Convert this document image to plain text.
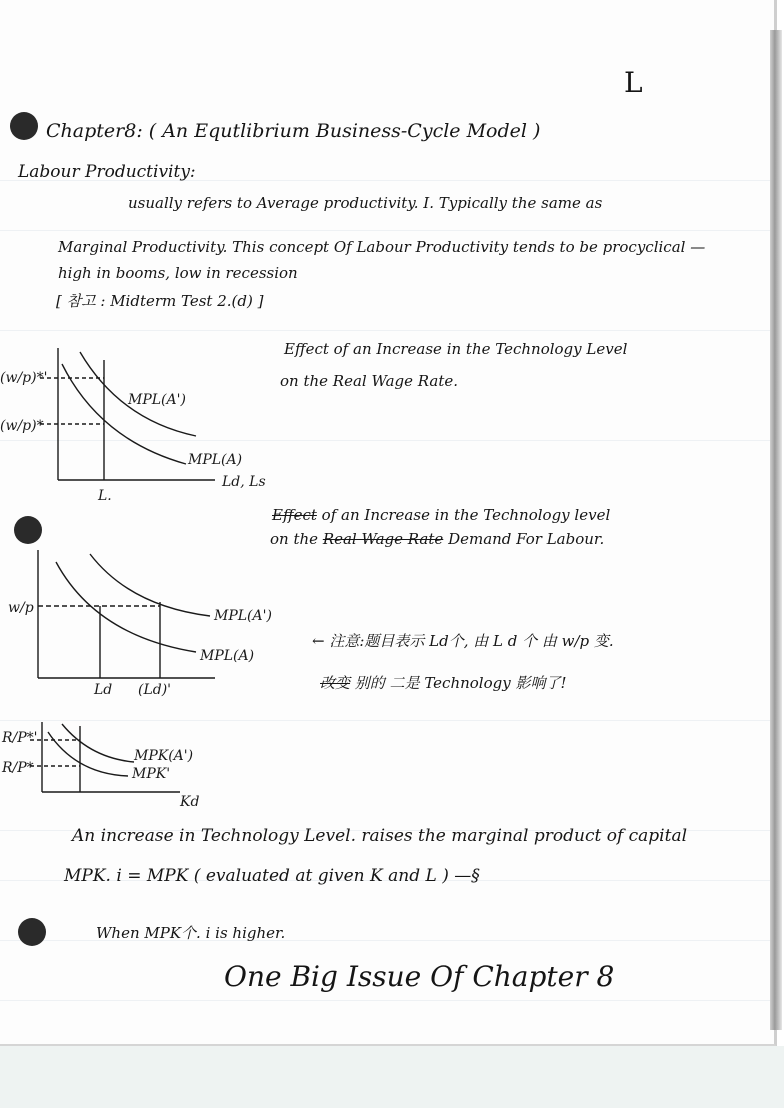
L
Chapter8: ( An Equtlibrium Business-Cycle Model )
Labour Productivity:
usually refers to Average productivity. I. Typically the same as
Marginal Productivity. This concept Of Labour Productivity tends to be procyclical —
high in booms, low in recession
[ 참고 : Midterm Test 2.(d) ]
(w/p)*'
(w/p)*
MPL(A')
MPL(A)
Ld, Ls
L.
Effect of an Increase in the Technology Level
on the Real Wage Rate.
Effect of an Increase in the Technology level
on the Real Wage Rate Demand For Labour.
w/p	MPL(A')
MPL(A)
Ld (Ld)'
← 注意:题目表示 Ld个, 由 L d 个 由 w/p 变.
改变 别的 二是 Technology 影响了!
R/P*'
R/P*
MPK(A')
MPK'
Kd
An increase in Technology Level. raises the marginal product of capital
MPK. i = MPK ( evaluated at given K and L ) —§
When MPK个. i is higher.
One Big Issue Of Chapter 8
